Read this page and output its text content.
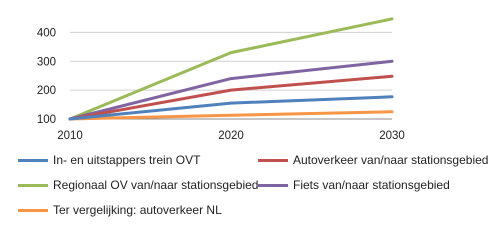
100
200
300
400
2010	2020	2030
In- en uitstappers trein OVT	Autoverkeer van/naar stationsgebied
Regionaal OV van/naar stationsgebied	Fiets van/naar stationsgebied
Ter vergelijking: autoverkeer NL
